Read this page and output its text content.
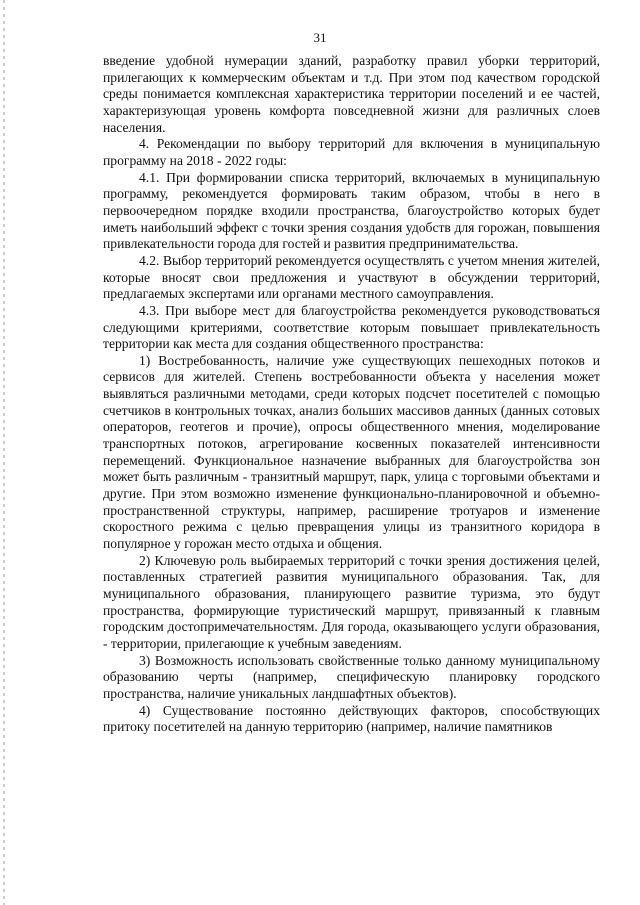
31

введение удобной нумерации зданий, разработку правил уборки территорий, прилегающих к коммерческим объектам и т.д. При этом под качеством городской среды понимается комплексная характеристика территории поселений и ее частей, характеризующая уровень комфорта повседневной жизни для различных слоев населения.

4. Рекомендации по выбору территорий для включения в муниципальную программу на 2018 - 2022 годы:

4.1. При формировании списка территорий, включаемых в муниципальную программу, рекомендуется формировать таким образом, чтобы в него в первоочередном порядке входили пространства, благоустройство которых будет иметь наибольший эффект с точки зрения создания удобств для горожан, повышения привлекательности города для гостей и развития предпринимательства.

4.2. Выбор территорий рекомендуется осуществлять с учетом мнения жителей, которые вносят свои предложения и участвуют в обсуждении территорий, предлагаемых экспертами или органами местного самоуправления.

4.3. При выборе мест для благоустройства рекомендуется руководствоваться следующими критериями, соответствие которым повышает привлекательность территории как места для создания общественного пространства:

1) Востребованность, наличие уже существующих пешеходных потоков и сервисов для жителей. Степень востребованности объекта у населения может выявляться различными методами, среди которых подсчет посетителей с помощью счетчиков в контрольных точках, анализ больших массивов данных (данных сотовых операторов, геотегов и прочие), опросы общественного мнения, моделирование транспортных потоков, агрегирование косвенных показателей интенсивности перемещений. Функциональное назначение выбранных для благоустройства зон может быть различным - транзитный маршрут, парк, улица с торговыми объектами и другие. При этом возможно изменение функционально-планировочной и объемно-пространственной структуры, например, расширение тротуаров и изменение скоростного режима с целью превращения улицы из транзитного коридора в популярное у горожан место отдыха и общения.

2) Ключевую роль выбираемых территорий с точки зрения достижения целей, поставленных стратегией развития муниципального образования. Так, для муниципального образования, планирующего развитие туризма, это будут пространства, формирующие туристический маршрут, привязанный к главным городским достопримечательностям. Для города, оказывающего услуги образования, - территории, прилегающие к учебным заведениям.

3) Возможность использовать свойственные только данному муниципальному образованию черты (например, специфическую планировку городского пространства, наличие уникальных ландшафтных объектов).

4) Существование постоянно действующих факторов, способствующих притоку посетителей на данную территорию (например, наличие памятников
